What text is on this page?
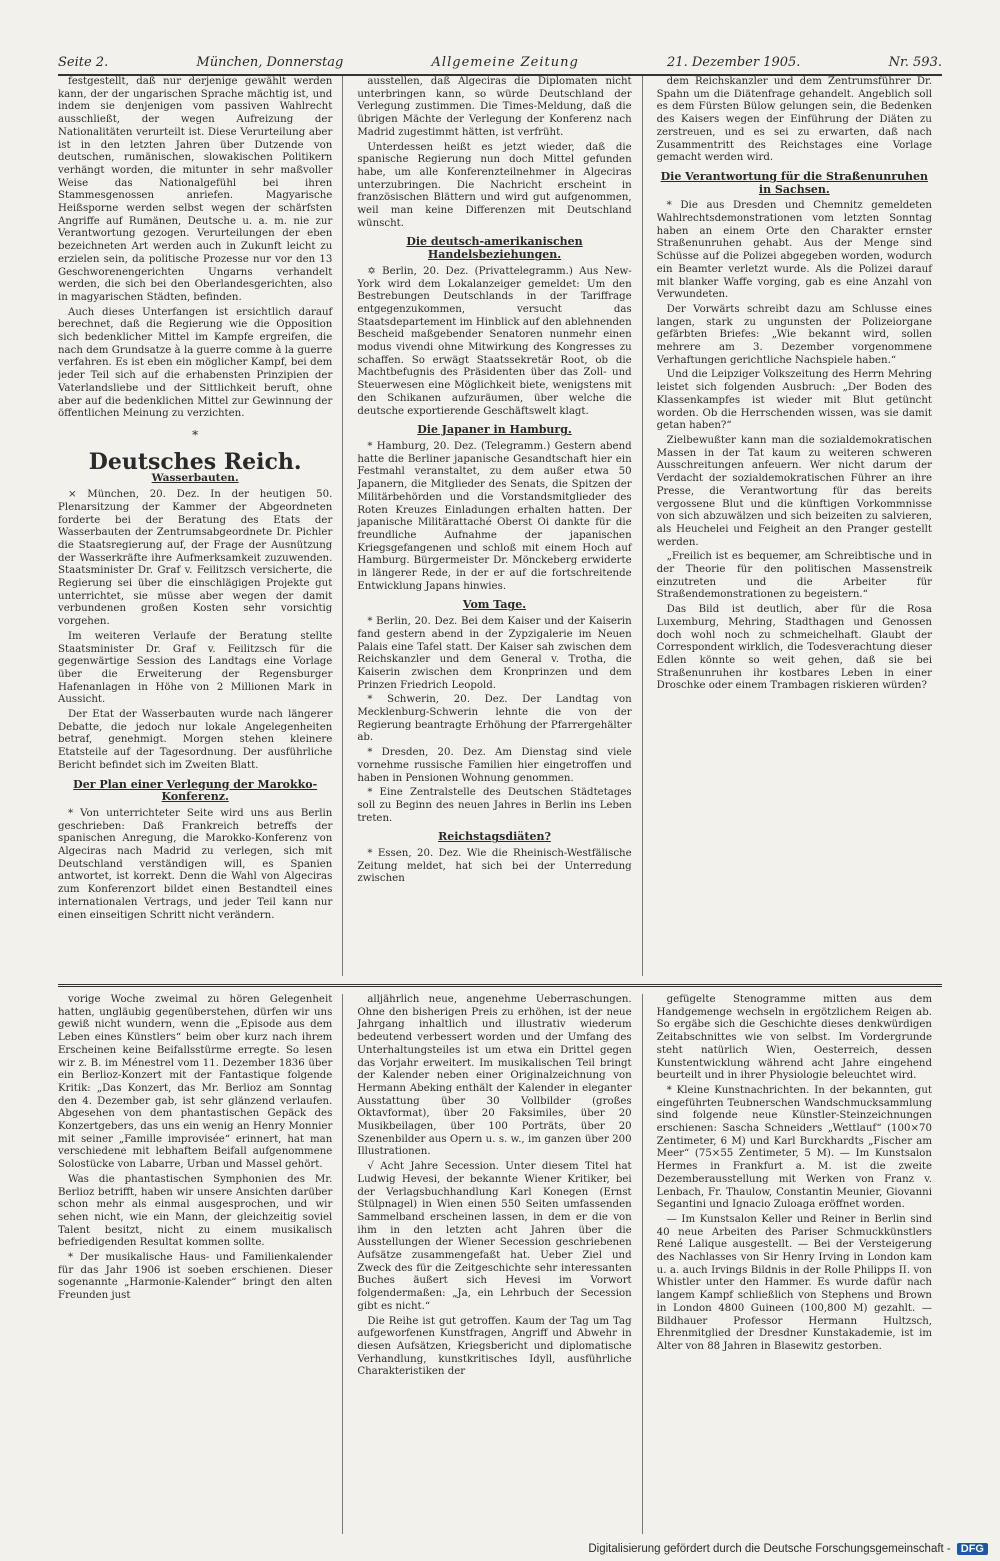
Seite 2.	München, Donnerstag	Allgemeine Zeitung	21. Dezember 1905.	Nr. 593.

festgestellt, daß nur derjenige gewählt werden kann, der der ungarischen Sprache mächtig ist, und indem sie denjenigen vom passiven Wahlrecht ausschließt, der wegen Aufreizung der Nationalitäten verurteilt ist. Diese Verurteilung aber ist in den letzten Jahren über Dutzende von deutschen, rumänischen, slowakischen Politikern verhängt worden, die mitunter in sehr maßvoller Weise das Nationalgefühl bei ihren Stammesgenossen anriefen. Magyarische Heißsporne werden selbst wegen der schärfsten Angriffe auf Rumänen, Deutsche u. a. m. nie zur Verantwortung gezogen. Verurteilungen der eben bezeichneten Art werden auch in Zukunft leicht zu erzielen sein, da politische Prozesse nur vor den 13 Geschworenengerichten Ungarns verhandelt werden, die sich bei den Oberlandesgerichten, also in magyarischen Städten, befinden.

Auch dieses Unterfangen ist ersichtlich darauf berechnet, daß die Regierung wie die Opposition sich bedenklicher Mittel im Kampfe ergreifen, die nach dem Grundsatze à la guerre comme à la guerre verfahren. Es ist eben ein möglicher Kampf, bei dem jeder Teil sich auf die erhabensten Prinzipien der Vaterlandsliebe und der Sittlichkeit beruft, ohne aber auf die bedenklichen Mittel zur Gewinnung der öffentlichen Meinung zu verzichten.

*
Deutsches Reich.
Wasserbauten.

× München, 20. Dez. In der heutigen 50. Plenarsitzung der Kammer der Abgeordneten forderte bei der Beratung des Etats der Wasserbauten der Zentrumsabgeordnete Dr. Pichler die Staatsregierung auf, der Frage der Ausnützung der Wasserkräfte ihre Aufmerksamkeit zuzuwenden. Staatsminister Dr. Graf v. Feilitzsch versicherte, die Regierung sei über die einschlägigen Projekte gut unterrichtet, sie müsse aber wegen der damit verbundenen großen Kosten sehr vorsichtig vorgehen.

Im weiteren Verlaufe der Beratung stellte Staatsminister Dr. Graf v. Feilitzsch für die gegenwärtige Session des Landtags eine Vorlage über die Erweiterung der Regensburger Hafenanlagen in Höhe von 2 Millionen Mark in Aussicht.

Der Etat der Wasserbauten wurde nach längerer Debatte, die jedoch nur lokale Angelegenheiten betraf, genehmigt. Morgen stehen kleinere Etatsteile auf der Tagesordnung. Der ausführliche Bericht befindet sich im Zweiten Blatt.

Der Plan einer Verlegung der Marokko-Konferenz.

* Von unterrichteter Seite wird uns aus Berlin geschrieben: Daß Frankreich betreffs der spanischen Anregung, die Marokko-Konferenz von Algeciras nach Madrid zu verlegen, sich mit Deutschland verständigen will, es Spanien antwortet, ist korrekt. Denn die Wahl von Algeciras zum Konferenzort bildet einen Bestandteil eines internationalen Vertrags, und jeder Teil kann nur einen einseitigen Schritt nicht verändern.

ausstellen, daß Algeciras die Diplomaten nicht unterbringen kann, so würde Deutschland der Verlegung zustimmen. Die Times-Meldung, daß die übrigen Mächte der Verlegung der Konferenz nach Madrid zugestimmt hätten, ist verfrüht.

Unterdessen heißt es jetzt wieder, daß die spanische Regierung nun doch Mittel gefunden habe, um alle Konferenzteilnehmer in Algeciras unterzubringen. Die Nachricht erscheint in französischen Blättern und wird gut aufgenommen, weil man keine Differenzen mit Deutschland wünscht.

Die deutsch-amerikanischen Handelsbeziehungen.

✡ Berlin, 20. Dez. (Privattelegramm.) Aus New-York wird dem Lokalanzeiger gemeldet: Um den Bestrebungen Deutschlands in der Tariffrage entgegenzukommen, versucht das Staatsdepartement im Hinblick auf den ablehnenden Bescheid maßgebender Senatoren nunmehr einen modus vivendi ohne Mitwirkung des Kongresses zu schaffen. So erwägt Staatssekretär Root, ob die Machtbefugnis des Präsidenten über das Zoll- und Steuerwesen eine Möglichkeit biete, wenigstens mit den Schikanen aufzuräumen, über welche die deutsche exportierende Geschäftswelt klagt.

Die Japaner in Hamburg.

* Hamburg, 20. Dez. (Telegramm.) Gestern abend hatte die Berliner japanische Gesandtschaft hier ein Festmahl veranstaltet, zu dem außer etwa 50 Japanern, die Mitglieder des Senats, die Spitzen der Militärbehörden und die Vorstandsmitglieder des Roten Kreuzes Einladungen erhalten hatten. Der japanische Militärattaché Oberst Oi dankte für die freundliche Aufnahme der japanischen Kriegsgefangenen und schloß mit einem Hoch auf Hamburg. Bürgermeister Dr. Mönckeberg erwiderte in längerer Rede, in der er auf die fortschreitende Entwicklung Japans hinwies.

Vom Tage.

* Berlin, 20. Dez. Bei dem Kaiser und der Kaiserin fand gestern abend in der Zypzigalerie im Neuen Palais eine Tafel statt. Der Kaiser sah zwischen dem Reichskanzler und dem General v. Trotha, die Kaiserin zwischen dem Kronprinzen und dem Prinzen Friedrich Leopold.

* Schwerin, 20. Dez. Der Landtag von Mecklenburg-Schwerin lehnte die von der Regierung beantragte Erhöhung der Pfarrergehälter ab.

* Dresden, 20. Dez. Am Dienstag sind viele vornehme russische Familien hier eingetroffen und haben in Pensionen Wohnung genommen.

* Eine Zentralstelle des Deutschen Städtetages soll zu Beginn des neuen Jahres in Berlin ins Leben treten.

Reichstagsdiäten?

* Essen, 20. Dez. Wie die Rheinisch-Westfälische Zeitung meldet, hat sich bei der Unterredung zwischen

dem Reichskanzler und dem Zentrumsführer Dr. Spahn um die Diätenfrage gehandelt. Angeblich soll es dem Fürsten Bülow gelungen sein, die Bedenken des Kaisers wegen der Einführung der Diäten zu zerstreuen, und es sei zu erwarten, daß nach Zusammentritt des Reichstages eine Vorlage gemacht werden wird.

Die Verantwortung für die Straßenunruhen in Sachsen.

* Die aus Dresden und Chemnitz gemeldeten Wahlrechtsdemonstrationen vom letzten Sonntag haben an einem Orte den Charakter ernster Straßenunruhen gehabt. Aus der Menge sind Schüsse auf die Polizei abgegeben worden, wodurch ein Beamter verletzt wurde. Als die Polizei darauf mit blanker Waffe vorging, gab es eine Anzahl von Verwundeten.

Der Vorwärts schreibt dazu am Schlusse eines langen, stark zu ungunsten der Polizeiorgane gefärbten Briefes: „Wie bekannt wird, sollen mehrere am 3. Dezember vorgenommene Verhaftungen gerichtliche Nachspiele haben.“

Und die Leipziger Volkszeitung des Herrn Mehring leistet sich folgenden Ausbruch: „Der Boden des Klassenkampfes ist wieder mit Blut getüncht worden. Ob die Herrschenden wissen, was sie damit getan haben?“

Zielbewußter kann man die sozialdemokratischen Massen in der Tat kaum zu weiteren schweren Ausschreitungen anfeuern. Wer nicht darum der Verdacht der sozialdemokratischen Führer an ihre Presse, die Verantwortung für das bereits vergossene Blut und die künftigen Vorkommnisse von sich abzuwälzen und sich beizeiten zu salvieren, als Heuchelei und Feigheit an den Pranger gestellt werden.

„Freilich ist es bequemer, am Schreibtische und in der Theorie für den politischen Massenstreik einzutreten und die Arbeiter für Straßendemonstrationen zu begeistern.“

Das Bild ist deutlich, aber für die Rosa Luxemburg, Mehring, Stadthagen und Genossen doch wohl noch zu schmeichelhaft. Glaubt der Correspondent wirklich, die Todesverachtung dieser Edlen könnte so weit gehen, daß sie bei Straßenunruhen ihr kostbares Leben in einer Droschke oder einem Trambagen riskieren würden?

vorige Woche zweimal zu hören Gelegenheit hatten, ungläubig gegenüberstehen, dürfen wir uns gewiß nicht wundern, wenn die „Episode aus dem Leben eines Künstlers“ beim ober kurz nach ihrem Erscheinen keine Beifallsstürme erregte. So lesen wir z. B. im Ménestrel vom 11. Dezember 1836 über ein Berlioz-Konzert mit der Fantastique folgende Kritik: „Das Konzert, das Mr. Berlioz am Sonntag den 4. Dezember gab, ist sehr glänzend verlaufen. Abgesehen von dem phantastischen Gepäck des Konzertgebers, das uns ein wenig an Henry Monnier mit seiner „Famille improvisée“ erinnert, hat man verschiedene mit lebhaftem Beifall aufgenommene Solostücke von Labarre, Urban und Massel gehört.

Was die phantastischen Symphonien des Mr. Berlioz betrifft, haben wir unsere Ansichten darüber schon mehr als einmal ausgesprochen, und wir sehen nicht, wie ein Mann, der gleichzeitig soviel Talent besitzt, nicht zu einem musikalisch befriedigenden Resultat kommen sollte.

* Der musikalische Haus- und Familienkalender für das Jahr 1906 ist soeben erschienen. Dieser sogenannte „Harmonie-Kalender“ bringt den alten Freunden just

alljährlich neue, angenehme Ueberraschungen. Ohne den bisherigen Preis zu erhöhen, ist der neue Jahrgang inhaltlich und illustrativ wiederum bedeutend verbessert worden und der Umfang des Unterhaltungsteiles ist um etwa ein Drittel gegen das Vorjahr erweitert. Im musikalischen Teil bringt der Kalender neben einer Originalzeichnung von Hermann Abeking enthält der Kalender in eleganter Ausstattung über 30 Vollbilder (großes Oktavformat), über 20 Faksimiles, über 20 Musikbeilagen, über 100 Porträts, über 20 Szenenbilder aus Opern u. s. w., im ganzen über 200 Illustrationen.

√ Acht Jahre Secession. Unter diesem Titel hat Ludwig Hevesi, der bekannte Wiener Kritiker, bei der Verlagsbuchhandlung Karl Konegen (Ernst Stülpnagel) in Wien einen 550 Seiten umfassenden Sammelband erscheinen lassen, in dem er die von ihm in den letzten acht Jahren über die Ausstellungen der Wiener Secession geschriebenen Aufsätze zusammengefaßt hat. Ueber Ziel und Zweck des für die Zeitgeschichte sehr interessanten Buches äußert sich Hevesi im Vorwort folgendermaßen: „Ja, ein Lehrbuch der Secession gibt es nicht.“

Die Reihe ist gut getroffen. Kaum der Tag um Tag aufgeworfenen Kunstfragen, Angriff und Abwehr in diesen Aufsätzen, Kriegsbericht und diplomatische Verhandlung, kunstkritisches Idyll, ausführliche Charakteristiken der

gefügelte Stenogramme mitten aus dem Handgemenge wechseln in ergötzlichem Reigen ab. So ergäbe sich die Geschichte dieses denkwürdigen Zeitabschnittes wie von selbst. Im Vordergrunde steht natürlich Wien, Oesterreich, dessen Kunstentwicklung während acht Jahre eingehend beurteilt und in ihrer Physiologie beleuchtet wird.

* Kleine Kunstnachrichten. In der bekannten, gut eingeführten Teubnerschen Wandschmucksammlung sind folgende neue Künstler-Steinzeichnungen erschienen: Sascha Schneiders „Wettlauf“ (100×70 Zentimeter, 6 M) und Karl Burckhardts „Fischer am Meer“ (75×55 Zentimeter, 5 M). — Im Kunstsalon Hermes in Frankfurt a. M. ist die zweite Dezemberausstellung mit Werken von Franz v. Lenbach, Fr. Thaulow, Constantin Meunier, Giovanni Segantini und Ignacio Zuloaga eröffnet worden.

— Im Kunstsalon Keller und Reiner in Berlin sind 40 neue Arbeiten des Pariser Schmuckkünstlers René Lalique ausgestellt. — Bei der Versteigerung des Nachlasses von Sir Henry Irving in London kam u. a. auch Irvings Bildnis in der Rolle Philipps II. von Whistler unter den Hammer. Es wurde dafür nach langem Kampf schließlich von Stephens und Brown in London 4800 Guineen (100,800 M) gezahlt. — Bildhauer Professor Hermann Hultzsch, Ehrenmitglied der Dresdner Kunstakademie, ist im Alter von 88 Jahren in Blasewitz gestorben.

Digitalisierung gefördert durch die Deutsche Forschungsgemeinschaft - DFG
